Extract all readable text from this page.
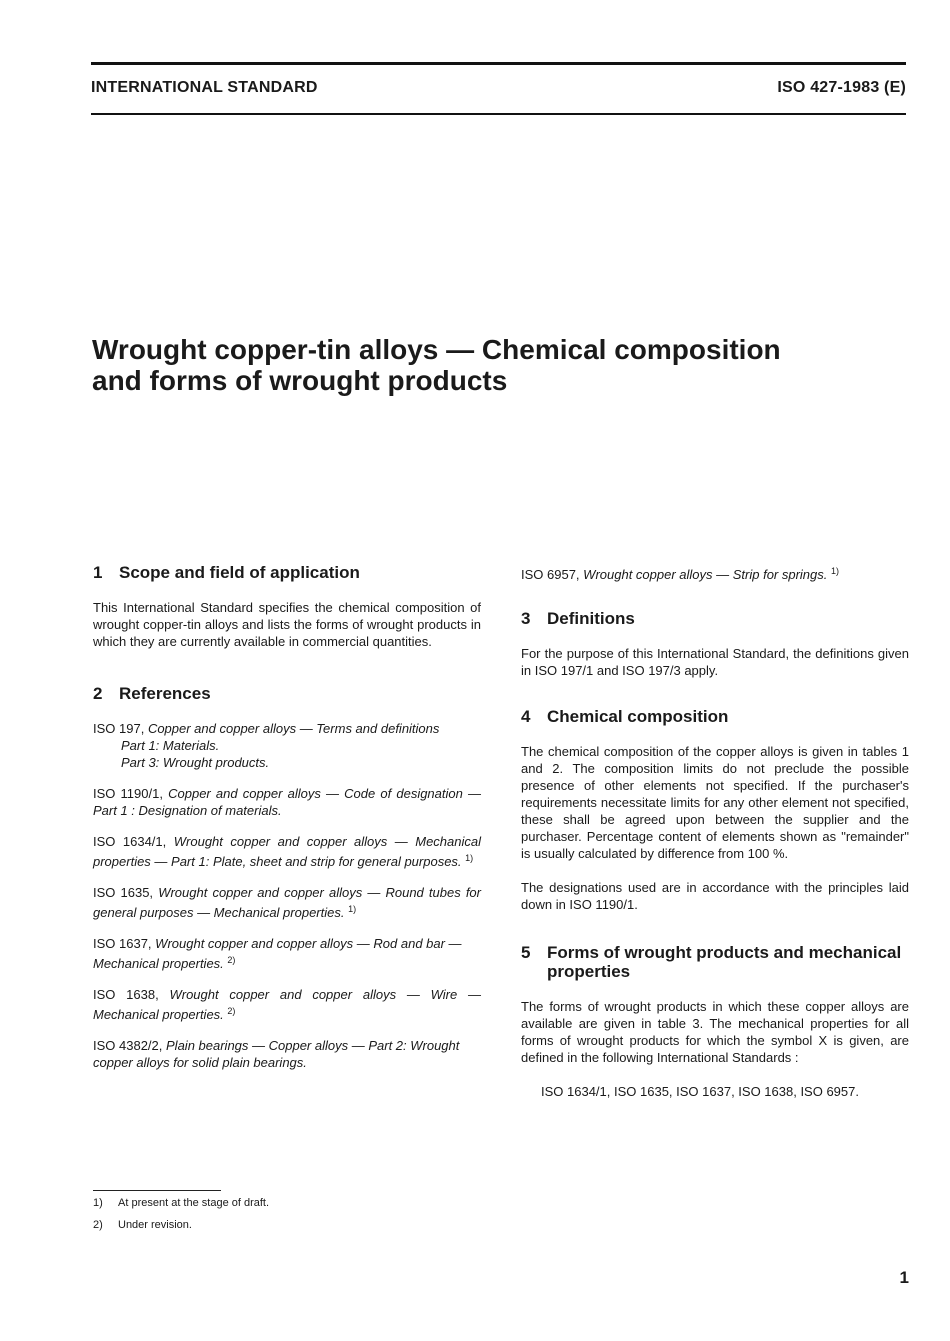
INTERNATIONAL STANDARD	ISO 427-1983 (E)
Wrought copper-tin alloys — Chemical composition
and forms of wrought products
1 Scope and field of application

This International Standard specifies the chemical composition of wrought copper-tin alloys and lists the forms of wrought products in which they are currently available in commercial quantities.

2 References
ISO 197, Copper and copper alloys — Terms and definitions
Part 1: Materials.
Part 3: Wrought products.
ISO 1190/1, Copper and copper alloys — Code of designation — Part 1 : Designation of materials.
ISO 1634/1, Wrought copper and copper alloys — Mechanical properties — Part 1: Plate, sheet and strip for general purposes. $^{1)}$
ISO 1635, Wrought copper and copper alloys — Round tubes for general purposes — Mechanical properties. $^{1)}$
ISO 1637, Wrought copper and copper alloys — Rod and bar — Mechanical properties. $^{2)}$
ISO 1638, Wrought copper and copper alloys — Wire — Mechanical properties. $^{2)}$
ISO 4382/2, Plain bearings — Copper alloys — Part 2: Wrought copper alloys for solid plain bearings.
ISO 6957, Wrought copper alloys — Strip for springs. $^{1)}$
3 Definitions

For the purpose of this International Standard, the definitions given in ISO 197/1 and ISO 197/3 apply.

4 Chemical composition

The chemical composition of the copper alloys is given in tables 1 and 2. The composition limits do not preclude the possible presence of other elements not specified. If the purchaser's requirements necessitate limits for any other element not specified, these shall be agreed upon between the supplier and the purchaser. Percentage content of elements shown as "remainder" is usually calculated by difference from 100 %.

The designations used are in accordance with the principles laid down in ISO 1190/1.

5 Forms of wrought products and mechanical properties

The forms of wrought products in which these copper alloys are available are given in table 3. The mechanical properties for all forms of wrought products for which the symbol X is given, are defined in the following International Standards :

ISO 1634/1, ISO 1635, ISO 1637, ISO 1638, ISO 6957.

1) At present at the stage of draft.
2) Under revision.
1
